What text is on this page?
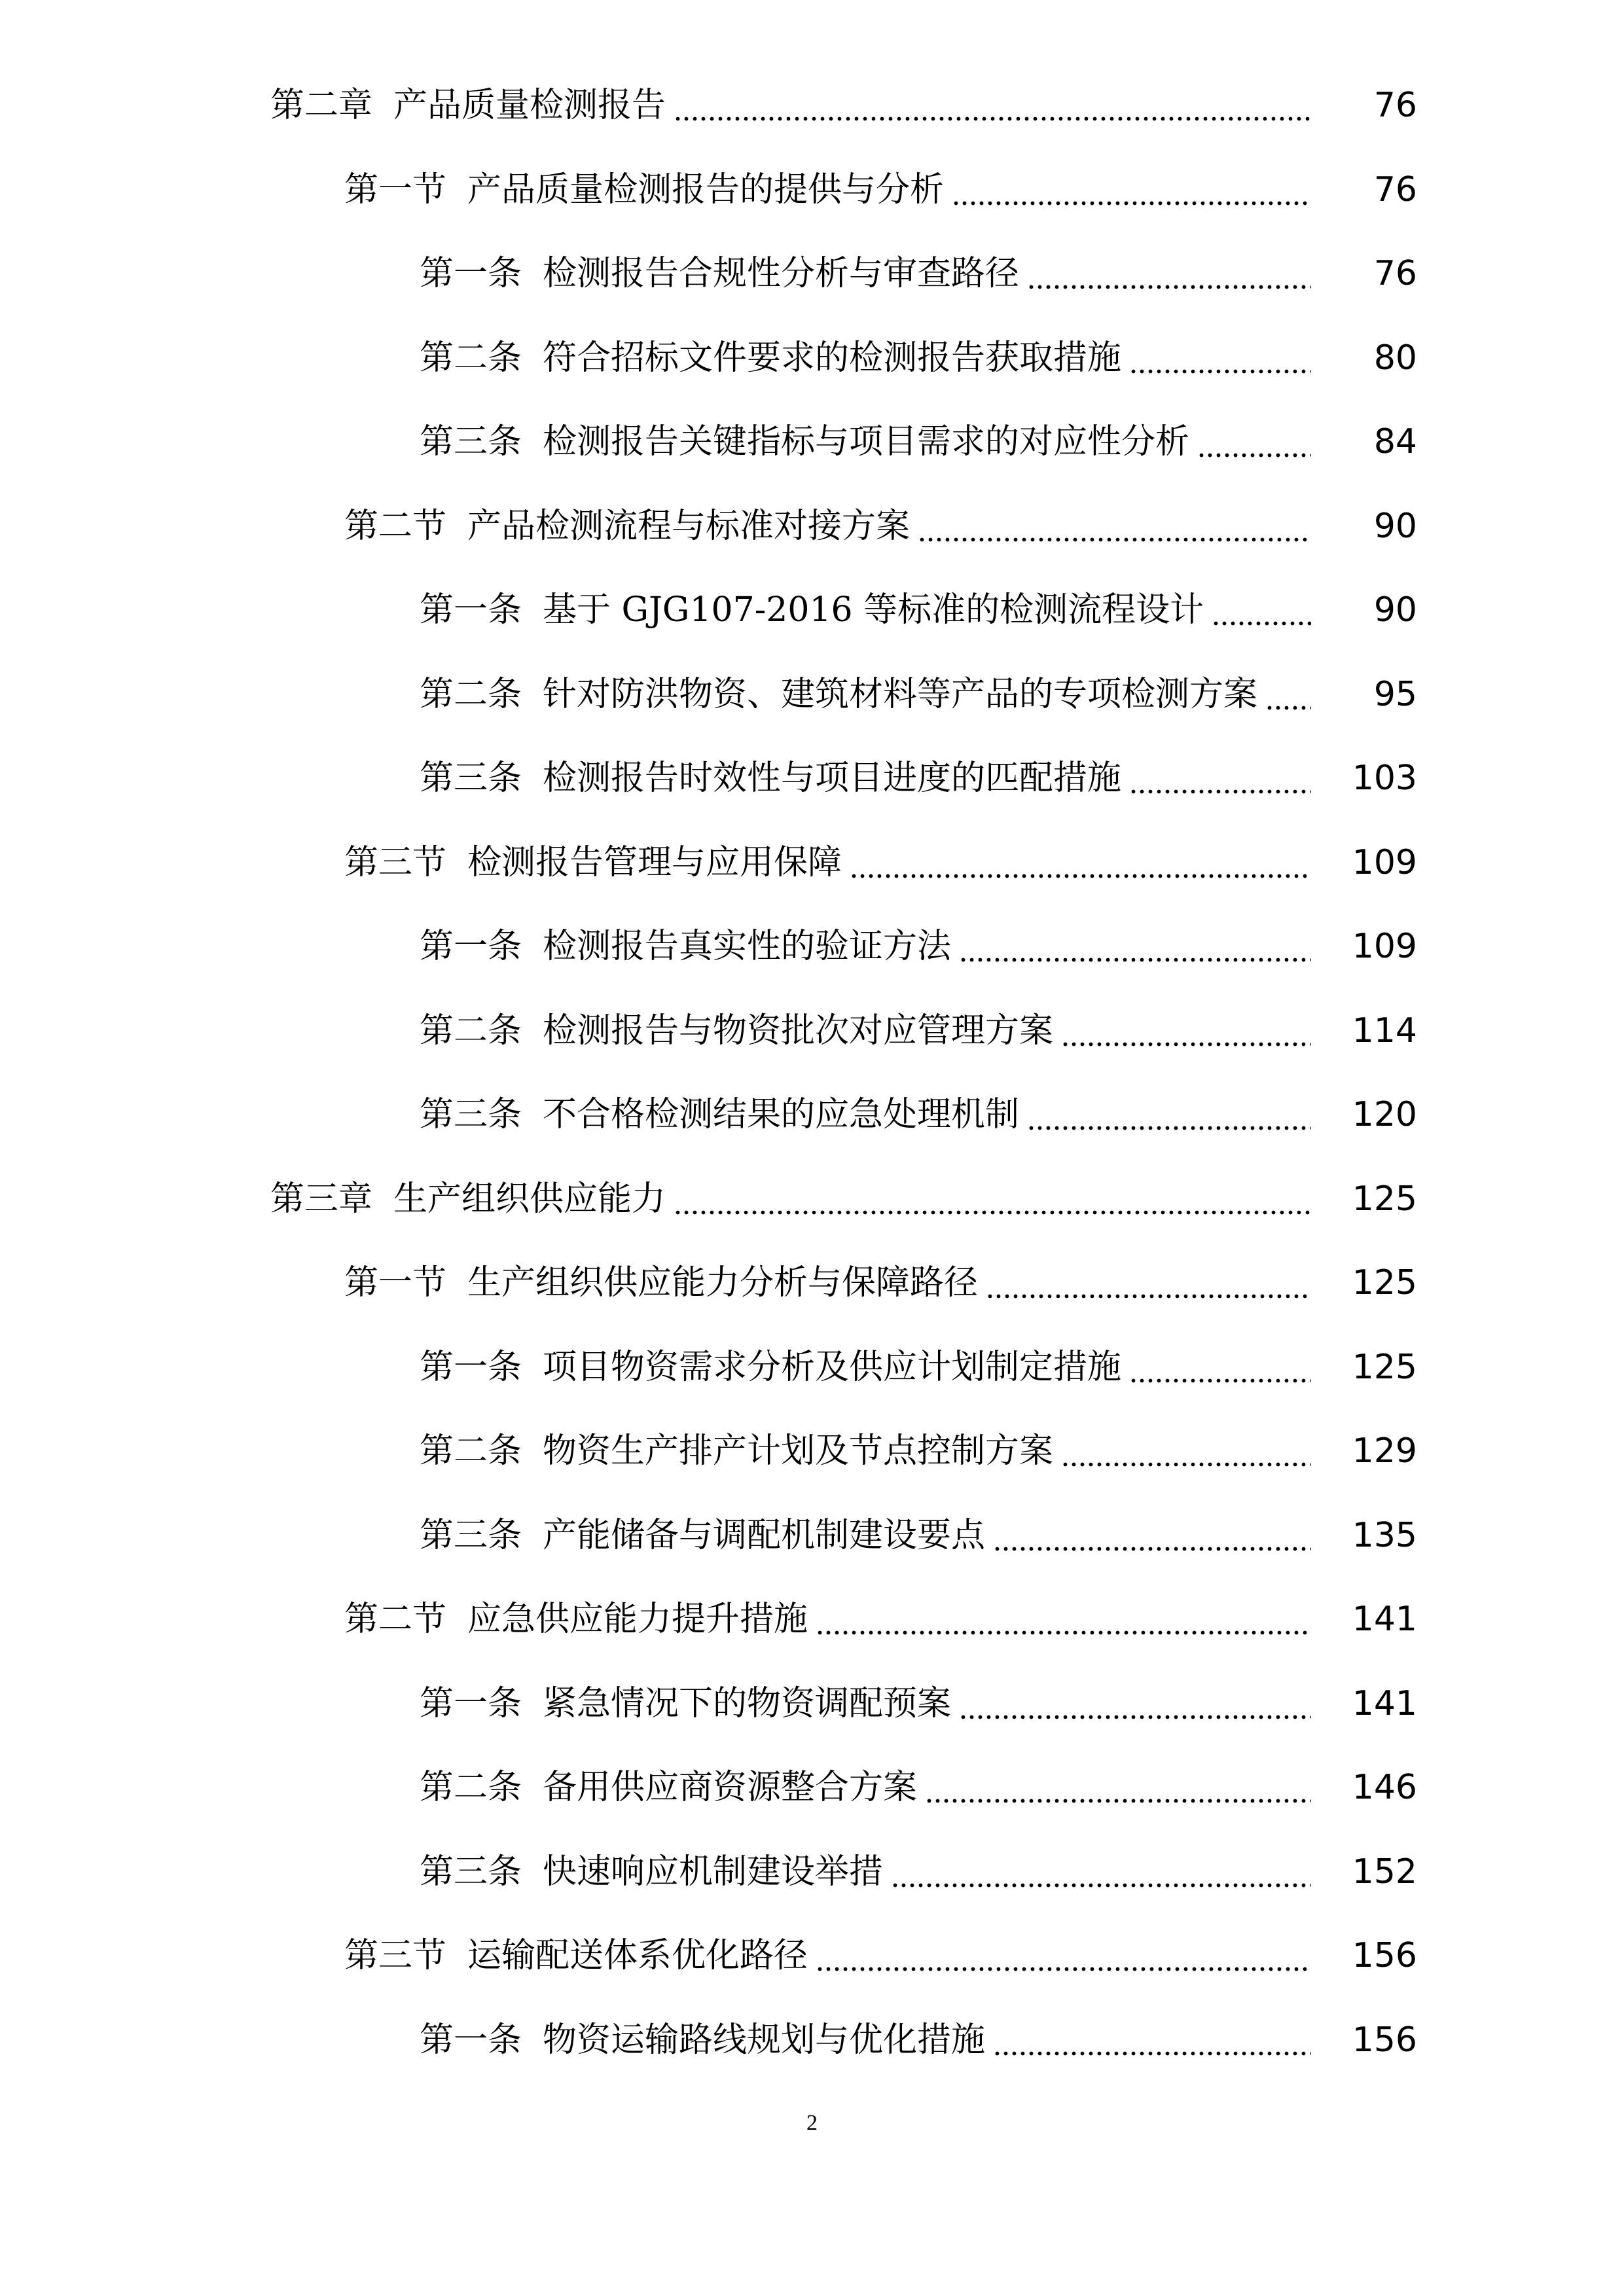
第二章 产品质量检测报告	76
第一节 产品质量检测报告的提供与分析	76
第一条 检测报告合规性分析与审查路径	76
第二条 符合招标文件要求的检测报告获取措施	80
第三条 检测报告关键指标与项目需求的对应性分析	84
第二节 产品检测流程与标准对接方案	90
第一条 基于 GJG107-2016 等标准的检测流程设计	90
第二条 针对防洪物资、建筑材料等产品的专项检测方案	95
第三条 检测报告时效性与项目进度的匹配措施	103
第三节 检测报告管理与应用保障	109
第一条 检测报告真实性的验证方法	109
第二条 检测报告与物资批次对应管理方案	114
第三条 不合格检测结果的应急处理机制	120
第三章 生产组织供应能力	125
第一节 生产组织供应能力分析与保障路径	125
第一条 项目物资需求分析及供应计划制定措施	125
第二条 物资生产排产计划及节点控制方案	129
第三条 产能储备与调配机制建设要点	135
第二节 应急供应能力提升措施	141
第一条 紧急情况下的物资调配预案	141
第二条 备用供应商资源整合方案	146
第三条 快速响应机制建设举措	152
第三节 运输配送体系优化路径	156
第一条 物资运输路线规划与优化措施	156
2
